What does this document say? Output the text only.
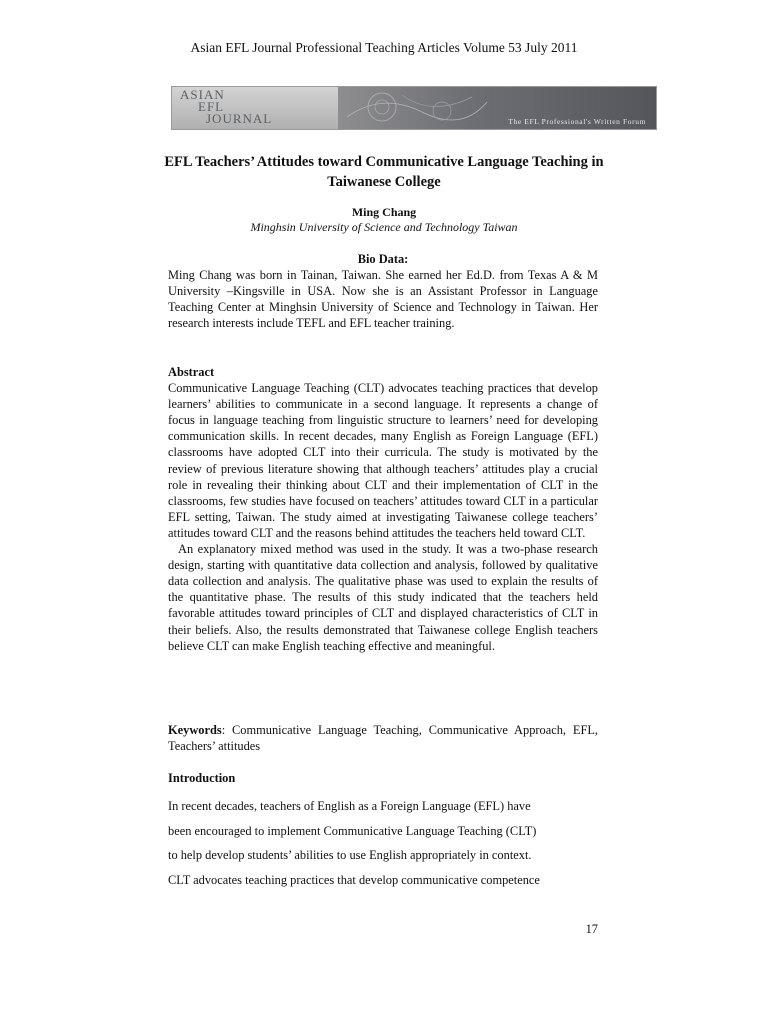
Asian EFL Journal Professional Teaching Articles Volume 53 July 2011
ASIAN
EFL
JOURNAL	The EFL Professional's Written Forum
EFL Teachers’ Attitudes toward Communicative Language Teaching in Taiwanese College
Ming Chang
Minghsin University of Science and Technology Taiwan

Bio Data:

Ming Chang was born in Tainan, Taiwan. She earned her Ed.D. from Texas A & M University –Kingsville in USA. Now she is an Assistant Professor in Language Teaching Center at Minghsin University of Science and Technology in Taiwan. Her research interests include TEFL and EFL teacher training.

Abstract

Communicative Language Teaching (CLT) advocates teaching practices that develop learners’ abilities to communicate in a second language. It represents a change of focus in language teaching from linguistic structure to learners’ need for developing communication skills. In recent decades, many English as Foreign Language (EFL) classrooms have adopted CLT into their curricula. The study is motivated by the review of previous literature showing that although teachers’ attitudes play a crucial role in revealing their thinking about CLT and their implementation of CLT in the classrooms, few studies have focused on teachers’ attitudes toward CLT in a particular EFL setting, Taiwan. The study aimed at investigating Taiwanese college teachers’ attitudes toward CLT and the reasons behind attitudes the teachers held toward CLT.

An explanatory mixed method was used in the study. It was a two-phase research design, starting with quantitative data collection and analysis, followed by qualitative data collection and analysis. The qualitative phase was used to explain the results of the quantitative phase. The results of this study indicated that the teachers held favorable attitudes toward principles of CLT and displayed characteristics of CLT in their beliefs. Also, the results demonstrated that Taiwanese college English teachers believe CLT can make English teaching effective and meaningful.

Keywords: Communicative Language Teaching, Communicative Approach, EFL, Teachers’ attitudes

Introduction

In recent decades, teachers of English as a Foreign Language (EFL) have
been encouraged to implement Communicative Language Teaching (CLT)
to help develop students’ abilities to use English appropriately in context.
CLT advocates teaching practices that develop communicative competence
17
